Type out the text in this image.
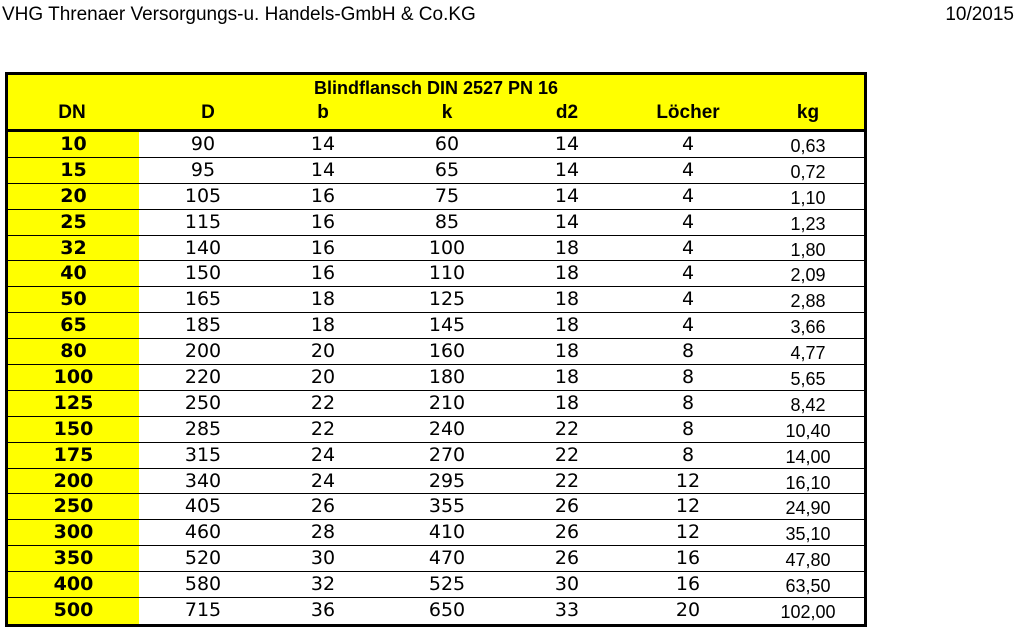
VHG Threnaer Versorgungs-u. Handels-GmbH & Co.KG	10/2015
Blindflansch DIN 2527 PN 16
DN	D	b	k	d2	Löcher	kg
10	90	14	60	14	4	0,63
15	95	14	65	14	4	0,72
20	105	16	75	14	4	1,10
25	115	16	85	14	4	1,23
32	140	16	100	18	4	1,80
40	150	16	110	18	4	2,09
50	165	18	125	18	4	2,88
65	185	18	145	18	4	3,66
80	200	20	160	18	8	4,77
100	220	20	180	18	8	5,65
125	250	22	210	18	8	8,42
150	285	22	240	22	8	10,40
175	315	24	270	22	8	14,00
200	340	24	295	22	12	16,10
250	405	26	355	26	12	24,90
300	460	28	410	26	12	35,10
350	520	30	470	26	16	47,80
400	580	32	525	30	16	63,50
500	715	36	650	33	20	102,00
